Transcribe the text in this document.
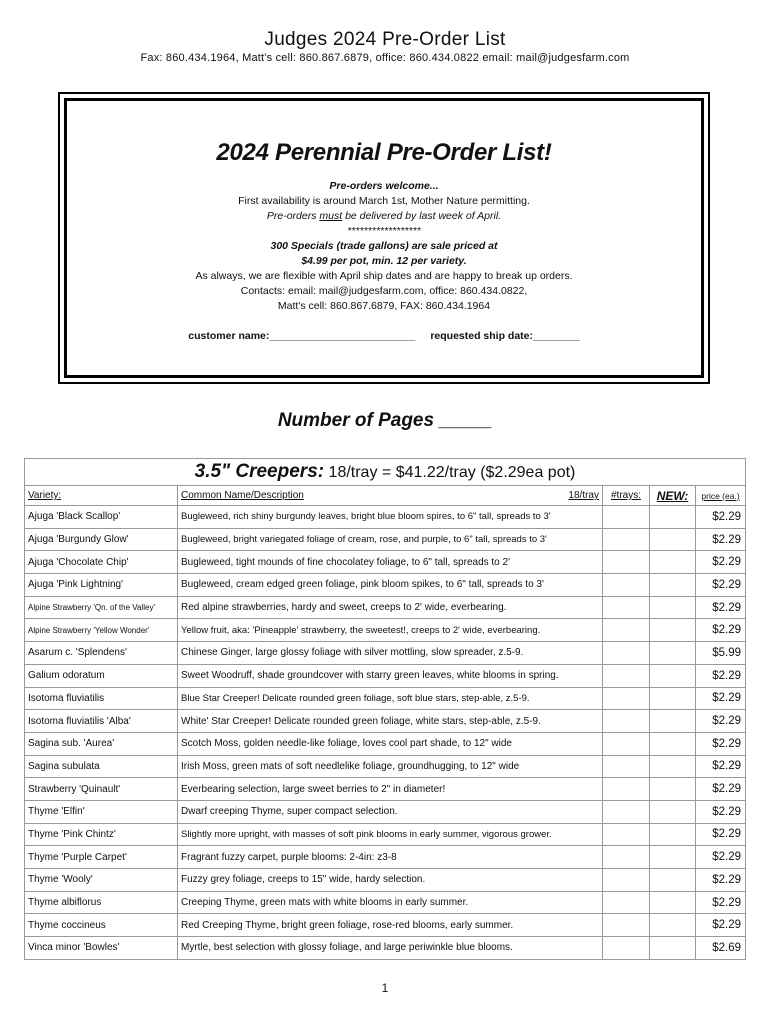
Judges 2024 Pre-Order List
Fax: 860.434.1964, Matt's cell: 860.867.6879, office: 860.434.0822 email: mail@judgesfarm.com
2024 Perennial Pre-Order List!
Pre-orders welcome...
First availability is around March 1st, Mother Nature permitting.
Pre-orders must be delivered by last week of April.
******************
300 Specials (trade gallons) are sale priced at
$4.99 per pot, min. 12 per variety.
As always, we are flexible with April ship dates and are happy to break up orders.
Contacts: email: mail@judgesfarm.com, office: 860.434.0822,
Matt's cell: 860.867.6879, FAX: 860.434.1964
customer name:_________________________ requested ship date:________
Number of Pages _____
3.5" Creepers: 18/tray = $41.22/tray ($2.29ea pot)				
Variety:	Common Name/Description 18/tray	#trays:	NEW:	price (ea.)
Ajuga 'Black Scallop'	Bugleweed, rich shiny burgundy leaves, bright blue bloom spires, to 6" tall, spreads to 3'			$2.29
Ajuga 'Burgundy Glow'	Bugleweed, bright variegated foliage of cream, rose, and purple, to 6" tall, spreads to 3'			$2.29
Ajuga 'Chocolate Chip'	Bugleweed, tight mounds of fine chocolatey foliage, to 6" tall, spreads to 2'			$2.29
Ajuga 'Pink Lightning'	Bugleweed, cream edged green foliage, pink bloom spikes, to 6" tall, spreads to 3'			$2.29
Alpine Strawberry 'Qn. of the Valley'	Red alpine strawberries, hardy and sweet, creeps to 2' wide, everbearing.			$2.29
Alpine Strawberry 'Yellow Wonder'	Yellow fruit, aka: 'Pineapple' strawberry, the sweetest!, creeps to 2' wide, everbearing.			$2.29
Asarum c. 'Splendens'	Chinese Ginger, large glossy foliage with silver mottling, slow spreader, z.5-9.			$5.99
Galium odoratum	Sweet Woodruff, shade groundcover with starry green leaves, white blooms in spring.			$2.29
Isotoma fluviatilis	Blue Star Creeper! Delicate rounded green foliage, soft blue stars, step-able, z.5-9.			$2.29
Isotoma fluviatilis 'Alba'	White' Star Creeper! Delicate rounded green foliage, white stars, step-able, z.5-9.			$2.29
Sagina sub. 'Aurea'	Scotch Moss, golden needle-like foliage, loves cool part shade, to 12" wide			$2.29
Sagina subulata	Irish Moss, green mats of soft needlelike foliage, groundhugging, to 12" wide			$2.29
Strawberry 'Quinault'	Everbearing selection, large sweet berries to 2" in diameter!			$2.29
Thyme 'Elfin'	Dwarf creeping Thyme, super compact selection.			$2.29
Thyme 'Pink Chintz'	Slightly more upright, with masses of soft pink blooms in early summer, vigorous grower.			$2.29
Thyme 'Purple Carpet'	Fragrant fuzzy carpet, purple blooms: 2-4in: z3-8			$2.29
Thyme 'Wooly'	Fuzzy grey foliage, creeps to 15" wide, hardy selection.			$2.29
Thyme albiflorus	Creeping Thyme, green mats with white blooms in early summer.			$2.29
Thyme coccineus	Red Creeping Thyme, bright green foliage, rose-red blooms, early summer.			$2.29
Vinca minor 'Bowles'	Myrtle, best selection with glossy foliage, and large periwinkle blue blooms.			$2.69
1
